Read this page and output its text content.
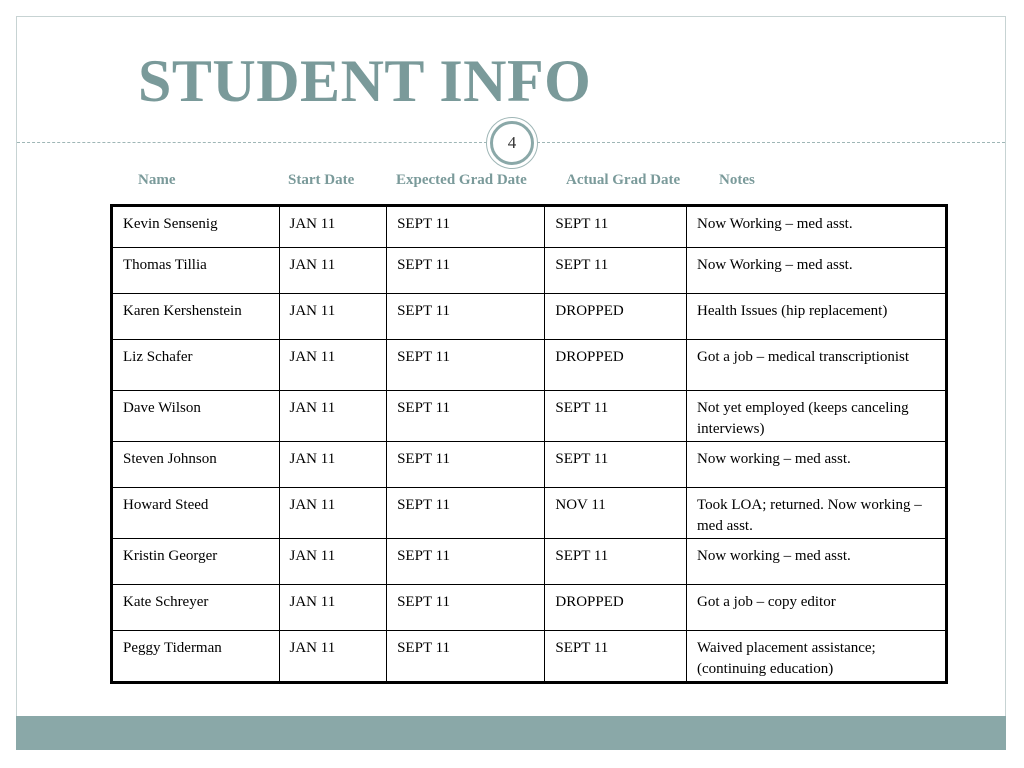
STUDENT INFO
4
Name	Start Date	Expected Grad Date	Actual Grad Date	Notes
Kevin Sensenig	JAN 11	SEPT 11	SEPT 11	Now Working – med asst.
Thomas Tillia	JAN 11	SEPT 11	SEPT 11	Now Working – med asst.
Karen Kershenstein	JAN 11	SEPT 11	DROPPED	Health Issues (hip replacement)
Liz Schafer	JAN 11	SEPT 11	DROPPED	Got a job – medical transcriptionist
Dave Wilson	JAN 11	SEPT 11	SEPT 11	Not yet employed (keeps canceling interviews)
Steven Johnson	JAN 11	SEPT 11	SEPT 11	Now working – med asst.
Howard Steed	JAN 11	SEPT 11	NOV 11	Took LOA; returned. Now working – med asst.
Kristin Georger	JAN 11	SEPT 11	SEPT 11	Now working – med asst.
Kate Schreyer	JAN 11	SEPT 11	DROPPED	Got a job – copy editor
Peggy Tiderman	JAN 11	SEPT 11	SEPT 11	Waived placement assistance; (continuing education)
